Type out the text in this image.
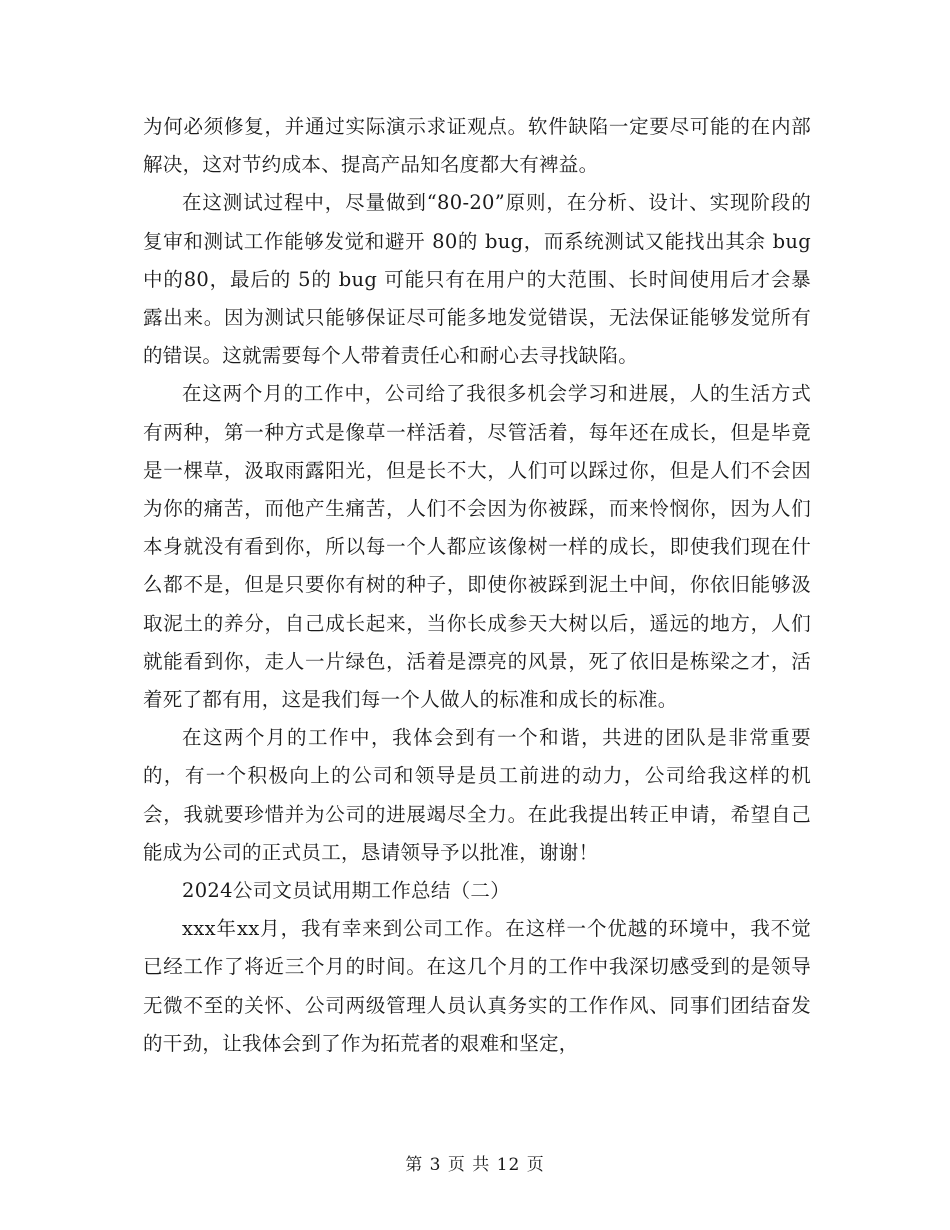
为何必须修复，并通过实际演示求证观点。软件缺陷一定要尽可能的在内部解决，这对节约成本、提高产品知名度都大有裨益。

在这测试过程中，尽量做到“80-20”原则，在分析、设计、实现阶段的复审和测试工作能够发觉和避开 80的 bug，而系统测试又能找出其余 bug 中的80，最后的 5的 bug 可能只有在用户的大范围、长时间使用后才会暴露出来。因为测试只能够保证尽可能多地发觉错误，无法保证能够发觉所有的错误。这就需要每个人带着责任心和耐心去寻找缺陷。

在这两个月的工作中，公司给了我很多机会学习和进展，人的生活方式有两种，第一种方式是像草一样活着，尽管活着，每年还在成长，但是毕竟是一棵草，汲取雨露阳光，但是长不大，人们可以踩过你，但是人们不会因为你的痛苦，而他产生痛苦，人们不会因为你被踩，而来怜悯你，因为人们本身就没有看到你，所以每一个人都应该像树一样的成长，即使我们现在什么都不是，但是只要你有树的种子，即使你被踩到泥土中间，你依旧能够汲取泥土的养分，自己成长起来，当你长成参天大树以后，遥远的地方，人们就能看到你，走人一片绿色，活着是漂亮的风景，死了依旧是栋梁之才，活着死了都有用，这是我们每一个人做人的标准和成长的标准。

在这两个月的工作中，我体会到有一个和谐，共进的团队是非常重要的，有一个积极向上的公司和领导是员工前进的动力，公司给我这样的机会，我就要珍惜并为公司的进展竭尽全力。在此我提出转正申请，希望自己能成为公司的正式员工，恳请领导予以批准，谢谢！

2024公司文员试用期工作总结（二）

xxx年xx月，我有幸来到公司工作。在这样一个优越的环境中，我不觉已经工作了将近三个月的时间。在这几个月的工作中我深切感受到的是领导无微不至的关怀、公司两级管理人员认真务实的工作作风、同事们团结奋发的干劲，让我体会到了作为拓荒者的艰难和坚定，

第 3 页 共 12 页
